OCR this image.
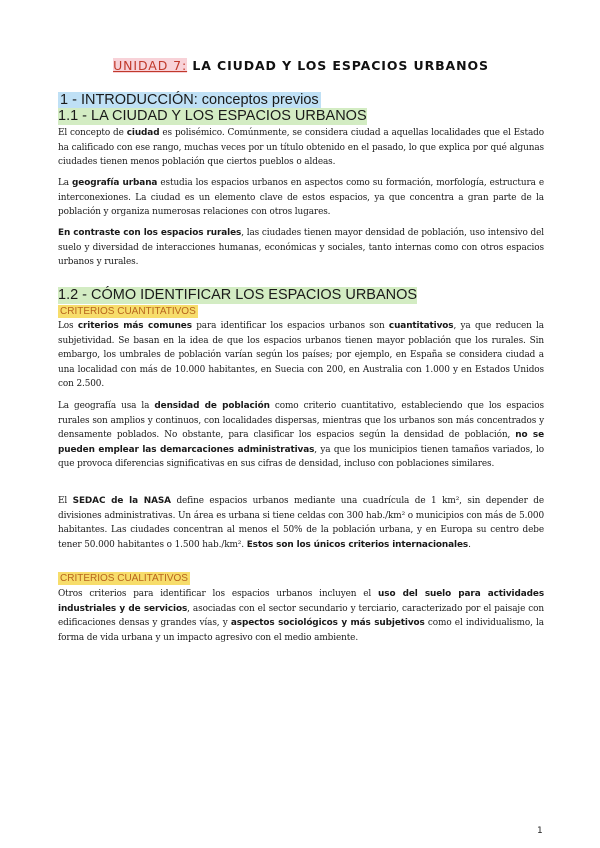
UNIDAD 7: LA CIUDAD Y LOS ESPACIOS URBANOS
1 - INTRODUCCIÓN: conceptos previos
1.1 - LA CIUDAD Y LOS ESPACIOS URBANOS

El concepto de ciudad es polisémico. Comúnmente, se considera ciudad a aquellas localidades que el Estado ha calificado con ese rango, muchas veces por un título obtenido en el pasado, lo que explica por qué algunas ciudades tienen menos población que ciertos pueblos o aldeas.

La geografía urbana estudia los espacios urbanos en aspectos como su formación, morfología, estructura e interconexiones. La ciudad es un elemento clave de estos espacios, ya que concentra a gran parte de la población y organiza numerosas relaciones con otros lugares.

En contraste con los espacios rurales, las ciudades tienen mayor densidad de población, uso intensivo del suelo y diversidad de interacciones humanas, económicas y sociales, tanto internas como con otros espacios urbanos y rurales.

1.2 - CÓMO IDENTIFICAR LOS ESPACIOS URBANOS
CRITERIOS CUANTITATIVOS

Los criterios más comunes para identificar los espacios urbanos son cuantitativos, ya que reducen la subjetividad. Se basan en la idea de que los espacios urbanos tienen mayor población que los rurales. Sin embargo, los umbrales de población varían según los países; por ejemplo, en España se considera ciudad a una localidad con más de 10.000 habitantes, en Suecia con 200, en Australia con 1.000 y en Estados Unidos con 2.500.

La geografía usa la densidad de población como criterio cuantitativo, estableciendo que los espacios rurales son amplios y continuos, con localidades dispersas, mientras que los urbanos son más concentrados y densamente poblados. No obstante, para clasificar los espacios según la densidad de población, no se pueden emplear las demarcaciones administrativas, ya que los municipios tienen tamaños variados, lo que provoca diferencias significativas en sus cifras de densidad, incluso con poblaciones similares.

El SEDAC de la NASA define espacios urbanos mediante una cuadrícula de 1 km², sin depender de divisiones administrativas. Un área es urbana si tiene celdas con 300 hab./km² o municipios con más de 5.000 habitantes. Las ciudades concentran al menos el 50% de la población urbana, y en Europa su centro debe tener 50.000 habitantes o 1.500 hab./km². Estos son los únicos criterios internacionales.

CRITERIOS CUALITATIVOS

Otros criterios para identificar los espacios urbanos incluyen el uso del suelo para actividades industriales y de servicios, asociadas con el sector secundario y terciario, caracterizado por el paisaje con edificaciones densas y grandes vías, y aspectos sociológicos y más subjetivos como el individualismo, la forma de vida urbana y un impacto agresivo con el medio ambiente.

1
